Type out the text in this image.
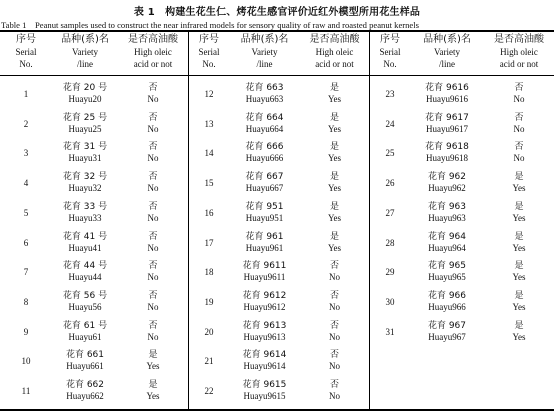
表 1　构建生花生仁、烤花生感官评价近红外模型所用花生样品
Table 1　Peanut samples used to construct the near infrared models for sensory quality of raw and roasted peanut kernels
序号
Serial
No.
品种(系)名
Variety
/line
是否高油酸
High oleic
acid or not
序号
Serial
No.
品种(系)名
Variety
/line
是否高油酸
High oleic
acid or not
序号
Serial
No.
品种(系)名
Variety
/line
是否高油酸
High oleic
acid or not
1
花育 20 号
Huayu20
否
No
2
花育 25 号
Huayu25
否
No
3
花育 31 号
Huayu31
否
No
4
花育 32 号
Huayu32
否
No
5
花育 33 号
Huayu33
否
No
6
花育 41 号
Huayu41
否
No
7
花育 44 号
Huayu44
否
No
8
花育 56 号
Huayu56
否
No
9
花育 61 号
Huayu61
否
No
10
花育 661
Huayu661
是
Yes
11
花育 662
Huayu662
是
Yes
12
花育 663
Huayu663
是
Yes
13
花育 664
Huayu664
是
Yes
14
花育 666
Huayu666
是
Yes
15
花育 667
Huayu667
是
Yes
16
花育 951
Huayu951
是
Yes
17
花育 961
Huayu961
是
Yes
18
花育 9611
Huayu9611
否
No
19
花育 9612
Huayu9612
否
No
20
花育 9613
Huayu9613
否
No
21
花育 9614
Huayu9614
否
No
22
花育 9615
Huayu9615
否
No
23
花育 9616
Huayu9616
否
No
24
花育 9617
Huayu9617
否
No
25
花育 9618
Huayu9618
否
No
26
花育 962
Huayu962
是
Yes
27
花育 963
Huayu963
是
Yes
28
花育 964
Huayu964
是
Yes
29
花育 965
Huayu965
是
Yes
30
花育 966
Huayu966
是
Yes
31
花育 967
Huayu967
是
Yes
